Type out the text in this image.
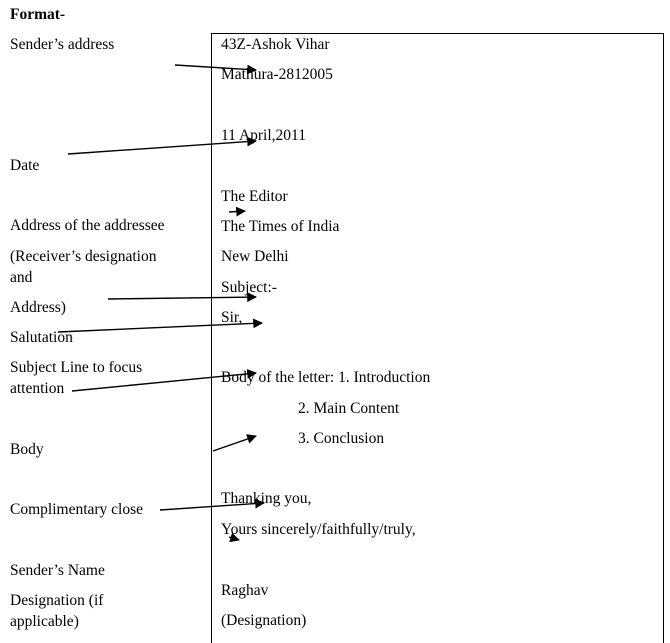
Format-
Sender’s address
Date
Address of the addressee
(Receiver’s designation
and
Address)
Salutation
Subject Line to focus
attention
Body
Complimentary close
Sender’s Name
Designation (if
applicable)
43Z-Ashok Vihar
Mathura-2812005
11 April,2011
The Editor
The Times of India
New Delhi
Subject:-
Sir,
Body of the letter: 1. Introduction
2. Main Content
3. Conclusion
Thanking you,
Yours sincerely/faithfully/truly,
Raghav
(Designation)
